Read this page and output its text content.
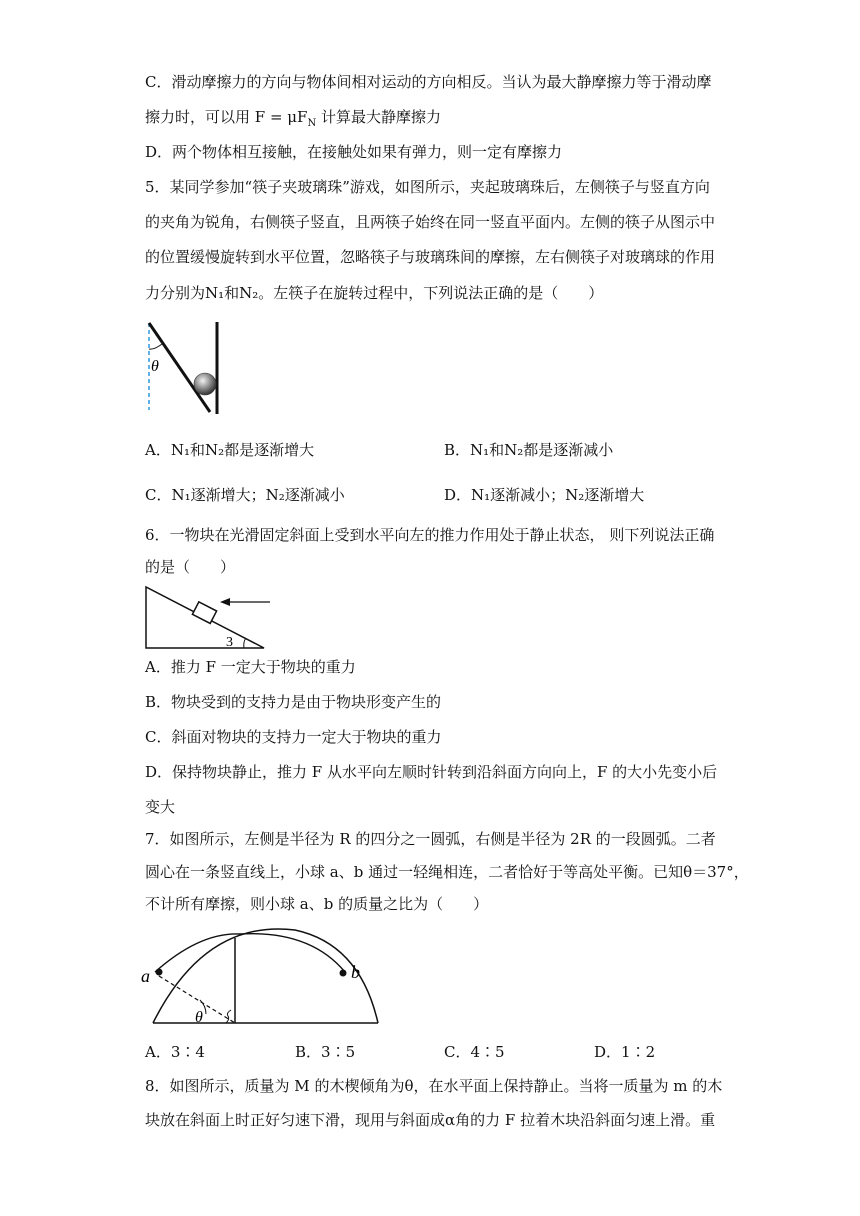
C．滑动摩擦力的方向与物体间相对运动的方向相反。当认为最大静摩擦力等于滑动摩
擦力时，可以用 $F = \mu F_N$ 计算最大静摩擦力
D．两个物体相互接触，在接触处如果有弹力，则一定有摩擦力
5．某同学参加“筷子夹玻璃珠”游戏，如图所示，夹起玻璃珠后，左侧筷子与竖直方向
的夹角为锐角，右侧筷子竖直，且两筷子始终在同一竖直平面内。左侧的筷子从图示中
的位置缓慢旋转到水平位置，忽略筷子与玻璃珠间的摩擦，左右侧筷子对玻璃球的作用
力分别为N₁和N₂。左筷子在旋转过程中，下列说法正确的是（　　）
θ
A．N₁和N₂都是逐渐增大	B．N₁和N₂都是逐渐减小
C．N₁逐渐增大；N₂逐渐减小	D．N₁逐渐减小；N₂逐渐增大
6．一物块在光滑固定斜面上受到水平向左的推力作用处于静止状态， 则下列说法正确
的是（　　）
3
A．推力 F 一定大于物块的重力
B．物块受到的支持力是由于物块形变产生的
C．斜面对物块的支持力一定大于物块的重力
D．保持物块静止，推力 F 从水平向左顺时针转到沿斜面方向向上，F 的大小先变小后
变大
7．如图所示，左侧是半径为 R 的四分之一圆弧，右侧是半径为 2R 的一段圆弧。二者
圆心在一条竖直线上，小球 a、b 通过一轻绳相连，二者恰好于等高处平衡。已知θ＝37°，
不计所有摩擦，则小球 a、b 的质量之比为（　　）
a	b
θ
A．3∶4	B．3∶5	C．4∶5	D．1∶2
8．如图所示，质量为 M 的木楔倾角为θ，在水平面上保持静止。当将一质量为 m 的木
块放在斜面上时正好匀速下滑，现用与斜面成α角的力 F 拉着木块沿斜面匀速上滑。重
